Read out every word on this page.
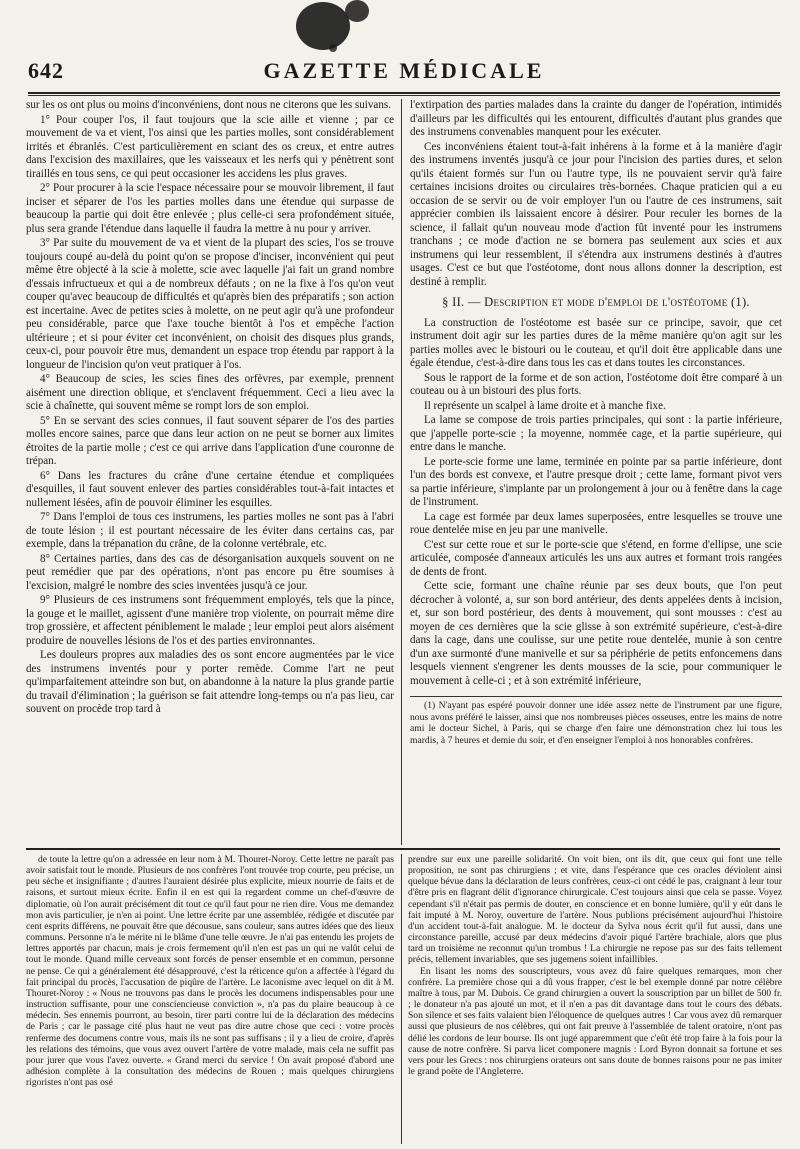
642	GAZETTE MÉDICALE

sur les os ont plus ou moins d'inconvéniens, dont nous ne citerons que les suivans.

1° Pour couper l'os, il faut toujours que la scie aille et vienne ; par ce mouvement de va et vient, l'os ainsi que les parties molles, sont considérablement irrités et ébranlés. C'est particulièrement en sciant des os creux, et entre autres dans l'excision des maxillaires, que les vaisseaux et les nerfs qui y pénètrent sont tiraillés en tous sens, ce qui peut occasioner les accidens les plus graves.

2° Pour procurer à la scie l'espace nécessaire pour se mouvoir librement, il faut inciser et séparer de l'os les parties molles dans une étendue qui surpasse de beaucoup la partie qui doit être enlevée ; plus celle-ci sera profondément située, plus sera grande l'étendue dans laquelle il faudra la mettre à nu pour y arriver.

3° Par suite du mouvement de va et vient de la plupart des scies, l'os se trouve toujours coupé au-delà du point qu'on se propose d'inciser, inconvénient qui peut même être objecté à la scie à molette, scie avec laquelle j'ai fait un grand nombre d'essais infructueux et qui a de nombreux défauts ; on ne la fixe à l'os qu'on veut couper qu'avec beaucoup de difficultés et qu'après bien des préparatifs ; son action est incertaine. Avec de petites scies à molette, on ne peut agir qu'à une profondeur peu considérable, parce que l'axe touche bientôt à l'os et empêche l'action ultérieure ; et si pour éviter cet inconvénient, on choisit des disques plus grands, ceux-ci, pour pouvoir être mus, demandent un espace trop étendu par rapport à la longueur de l'incision qu'on veut pratiquer à l'os.

4° Beaucoup de scies, les scies fines des orfèvres, par exemple, prennent aisément une direction oblique, et s'enclavent fréquemment. Ceci a lieu avec la scie à chaînette, qui souvent même se rompt lors de son emploi.

5° En se servant des scies connues, il faut souvent séparer de l'os des parties molles encore saines, parce que dans leur action on ne peut se borner aux limites étroites de la partie molle ; c'est ce qui arrive dans l'application d'une couronne de trépan.

6° Dans les fractures du crâne d'une certaine étendue et compliquées d'esquilles, il faut souvent enlever des parties considérables tout-à-fait intactes et nullement lésées, afin de pouvoir éliminer les esquilles.

7° Dans l'emploi de tous ces instrumens, les parties molles ne sont pas à l'abri de toute lésion ; il est pourtant nécessaire de les éviter dans certains cas, par exemple, dans la trépanation du crâne, de la colonne vertébrale, etc.

8° Certaines parties, dans des cas de désorganisation auxquels souvent on ne peut remédier que par des opérations, n'ont pas encore pu être soumises à l'excision, malgré le nombre des scies inventées jusqu'à ce jour.

9° Plusieurs de ces instrumens sont fréquemment employés, tels que la pince, la gouge et le maillet, agissent d'une manière trop violente, on pourrait même dire trop grossière, et affectent péniblement le malade ; leur emploi peut alors aisément produire de nouvelles lésions de l'os et des parties environnantes.

Les douleurs propres aux maladies des os sont encore augmentées par le vice des instrumens inventés pour y porter remède. Comme l'art ne peut qu'imparfaitement atteindre son but, on abandonne à la nature la plus grande partie du travail d'élimination ; la guérison se fait attendre long-temps ou n'a pas lieu, car souvent on procède trop tard à

l'extirpation des parties malades dans la crainte du danger de l'opération, intimidés d'ailleurs par les difficultés qui les entourent, difficultés d'autant plus grandes que des instrumens convenables manquent pour les exécuter.

Ces inconvéniens étaient tout-à-fait inhérens à la forme et à la manière d'agir des instrumens inventés jusqu'à ce jour pour l'incision des parties dures, et selon qu'ils étaient formés sur l'un ou l'autre type, ils ne pouvaient servir qu'à faire certaines incisions droites ou circulaires très-bornées. Chaque praticien qui a eu occasion de se servir ou de voir employer l'un ou l'autre de ces instrumens, sait apprécier combien ils laissaient encore à désirer. Pour reculer les bornes de la science, il fallait qu'un nouveau mode d'action fût inventé pour les instrumens tranchans ; ce mode d'action ne se bornera pas seulement aux scies et aux instrumens qui leur ressemblent, il s'étendra aux instrumens destinés à d'autres usages. C'est ce but que l'ostéotome, dont nous allons donner la description, est destiné à remplir.

§ II. — Description et mode d'emploi de l'ostéotome (1).

La construction de l'ostéotome est basée sur ce principe, savoir, que cet instrument doit agir sur les parties dures de la même manière qu'on agit sur les parties molles avec le bistouri ou le couteau, et qu'il doit être applicable dans une égale étendue, c'est-à-dire dans tous les cas et dans toutes les circonstances.

Sous le rapport de la forme et de son action, l'ostéotome doit être comparé à un couteau ou à un bistouri des plus forts.

Il représente un scalpel à lame droite et à manche fixe.

La lame se compose de trois parties principales, qui sont : la partie inférieure, que j'appelle porte-scie ; la moyenne, nommée cage, et la partie supérieure, qui entre dans le manche.

Le porte-scie forme une lame, terminée en pointe par sa partie inférieure, dont l'un des bords est convexe, et l'autre presque droit ; cette lame, formant pivot vers sa partie inférieure, s'implante par un prolongement à jour ou à fenêtre dans la cage de l'instrument.

La cage est formée par deux lames superposées, entre lesquelles se trouve une roue dentelée mise en jeu par une manivelle.

C'est sur cette roue et sur le porte-scie que s'étend, en forme d'ellipse, une scie articulée, composée d'anneaux articulés les uns aux autres et formant trois rangées de dents de front.

Cette scie, formant une chaîne réunie par ses deux bouts, que l'on peut décrocher à volonté, a, sur son bord antérieur, des dents appelées dents à incision, et, sur son bord postérieur, des dents à mouvement, qui sont mousses : c'est au moyen de ces dernières que la scie glisse à son extrémité supérieure, c'est-à-dire dans la cage, dans une coulisse, sur une petite roue dentelée, munie à son centre d'un axe surmonté d'une manivelle et sur sa périphérie de petits enfoncemens dans lesquels viennent s'engrener les dents mousses de la scie, pour communiquer le mouvement à celle-ci ; et à son extrémité inférieure,

(1) N'ayant pas espéré pouvoir donner une idée assez nette de l'instrument par une figure, nous avons préféré le laisser, ainsi que nos nombreuses pièces osseuses, entre les mains de notre ami le docteur Sichel, à Paris, qui se charge d'en faire une démonstration chez lui tous les mardis, à 7 heures et demie du soir, et d'en enseigner l'emploi à nos honorables confrères.

de toute la lettre qu'on a adressée en leur nom à M. Thouret-Noroy. Cette lettre ne paraît pas avoir satisfait tout le monde. Plusieurs de nos confrères l'ont trouvée trop courte, peu précise, un peu sèche et insignifiante ; d'autres l'auraient désirée plus explicite, mieux nourrie de faits et de raisons, et surtout mieux écrite. Enfin il en est qui la regardent comme un chef-d'œuvre de diplomatie, où l'on aurait précisément dit tout ce qu'il faut pour ne rien dire. Vous me demandez mon avis particulier, je n'en ai point. Une lettre écrite par une assemblée, rédigée et discutée par cent esprits différens, ne pouvait être que décousue, sans couleur, sans autres idées que des lieux communs. Personne n'a le mérite ni le blâme d'une telle œuvre. Je n'ai pas entendu les projets de lettres apportés par chacun, mais je crois fermement qu'il n'en est pas un qui ne valût celui de tout le monde. Quand mille cerveaux sont forcés de penser ensemble et en commun, personne ne pense. Ce qui a généralement été désapprouvé, c'est la réticence qu'on a affectée à l'égard du fait principal du procès, l'accusation de piqûre de l'artère. Le laconisme avec lequel on dit à M. Thouret-Noroy : « Nous ne trouvons pas dans le procès les documens indispensables pour une instruction suffisante, pour une consciencieuse conviction », n'a pas du plaire beaucoup à ce médecin. Ses ennemis pourront, au besoin, tirer parti contre lui de la déclaration des médecins de Paris ; car le passage cité plus haut ne veut pas dire autre chose que ceci : votre procès renferme des documens contre vous, mais ils ne sont pas suffisans ; il y a lieu de croire, d'après les relations des témoins, que vous avez ouvert l'artère de votre malade, mais cela ne suffit pas pour jurer que vous l'avez ouverte. « Grand merci du service ! On avait proposé d'abord une adhésion complète à la consultation des médecins de Rouen ; mais quelques chirurgiens rigoristes n'ont pas osé

prendre sur eux une pareille solidarité. On voit bien, ont ils dit, que ceux qui font une telle proposition, ne sont pas chirurgiens ; et vite, dans l'espérance que ces oracles déviolent ainsi quelque bévue dans la déclaration de leurs confrères, ceux-ci ont cédé le pas, craignant à leur tour d'être pris en flagrant délit d'ignorance chirurgicale. C'est toujours ainsi que cela se passe. Voyez cependant s'il n'était pas permis de douter, en conscience et en bonne lumière, qu'il y eût dans le fait imputé à M. Noroy, ouverture de l'artère. Nous publions précisément aujourd'hui l'histoire d'un accident tout-à-fait analogue. M. le docteur da Sylva nous écrit qu'il fut aussi, dans une circonstance pareille, accusé par deux médecins d'avoir piqué l'artère brachiale, alors que plus tard un troisième ne reconnut qu'un trombus ! La chirurgie ne repose pas sur des faits tellement précis, tellement invariables, que ses jugemens soient infaillibles.

En lisant les noms des souscripteurs, vous avez dû faire quelques remarques, mon cher confrère. La première chose qui a dû vous frapper, c'est le bel exemple donné par notre célèbre maître à tous, par M. Dubois. Ce grand chirurgien a ouvert la souscription par un billet de 500 fr. ; le donateur n'a pas ajouté un mot, et il n'en a pas dit davantage dans tout le cours des débats. Son silence et ses faits valaient bien l'éloquence de quelques autres ! Car vous avez dû remarquer aussi que plusieurs de nos célèbres, qui ont fait preuve à l'assemblée de talent oratoire, n'ont pas délié les cordons de leur bourse. Ils ont jugé apparemment que c'eût été trop faire à la fois pour la cause de notre confrère. Si parva licet componere magnis : Lord Byron donnait sa fortune et ses vers pour les Grecs : nos chirurgiens orateurs ont sans doute de bonnes raisons pour ne pas imiter le grand poëte de l'Angleterre.
